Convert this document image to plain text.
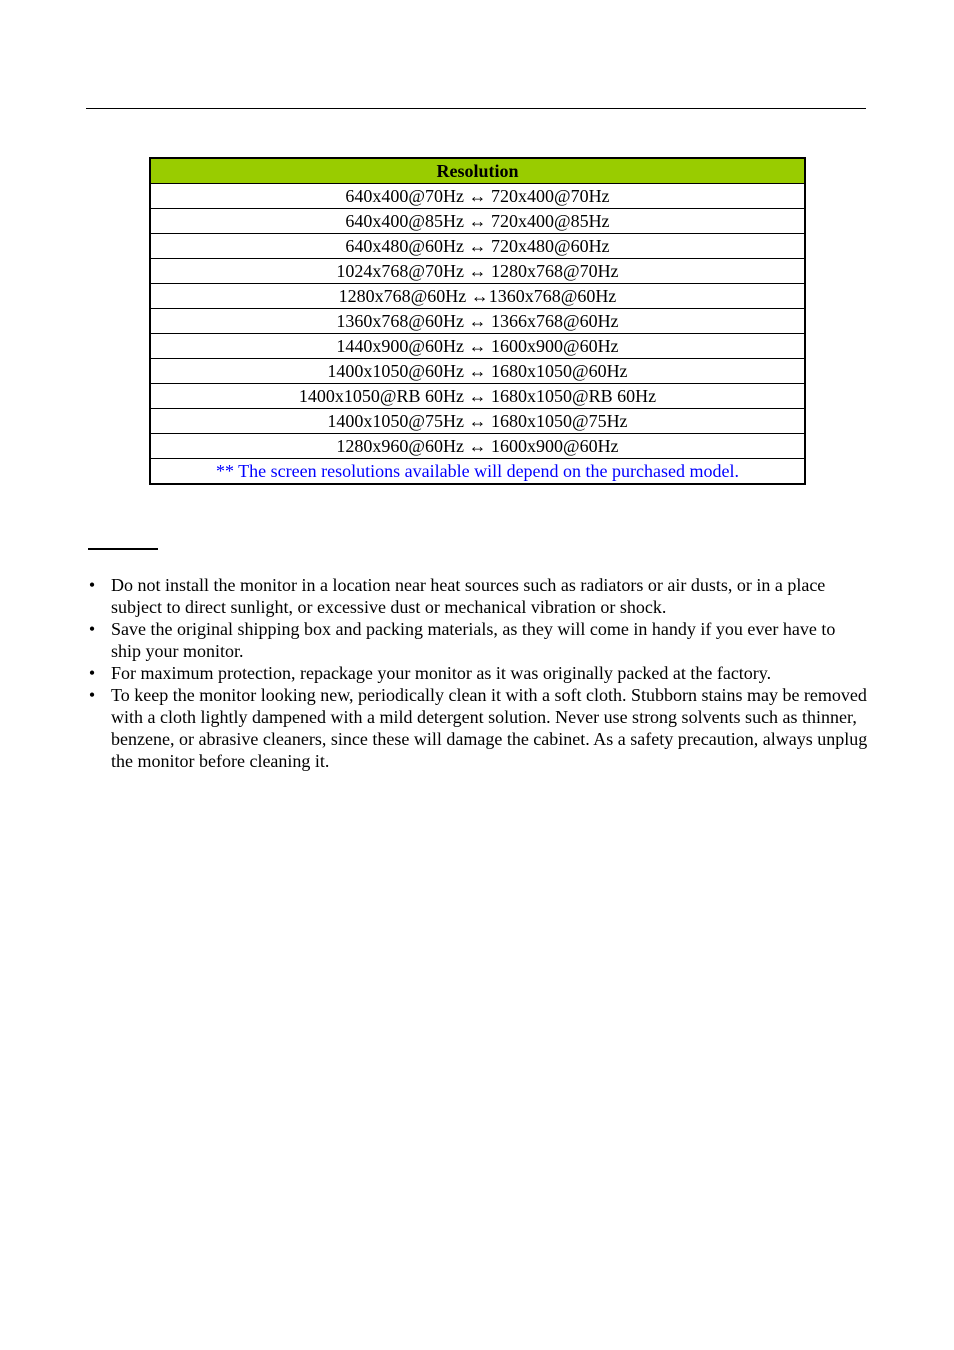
Resolution
640x400@70Hz ↔ 720x400@70Hz
640x400@85Hz ↔ 720x400@85Hz
640x480@60Hz ↔ 720x480@60Hz
1024x768@70Hz ↔ 1280x768@70Hz
1280x768@60Hz ↔1360x768@60Hz
1360x768@60Hz ↔ 1366x768@60Hz
1440x900@60Hz ↔ 1600x900@60Hz
1400x1050@60Hz ↔ 1680x1050@60Hz
1400x1050@RB 60Hz ↔ 1680x1050@RB 60Hz
1400x1050@75Hz ↔ 1680x1050@75Hz
1280x960@60Hz ↔ 1600x900@60Hz
** The screen resolutions available will depend on the purchased model.
• Do not install the monitor in a location near heat sources such as radiators or air dusts, or in a place subject to direct sunlight, or excessive dust or mechanical vibration or shock.
• Save the original shipping box and packing materials, as they will come in handy if you ever have to ship your monitor.
• For maximum protection, repackage your monitor as it was originally packed at the factory.
• To keep the monitor looking new, periodically clean it with a soft cloth. Stubborn stains may be removed with a cloth lightly dampened with a mild detergent solution. Never use strong solvents such as thinner, benzene, or abrasive cleaners, since these will damage the cabinet. As a safety precaution, always unplug the monitor before cleaning it.
